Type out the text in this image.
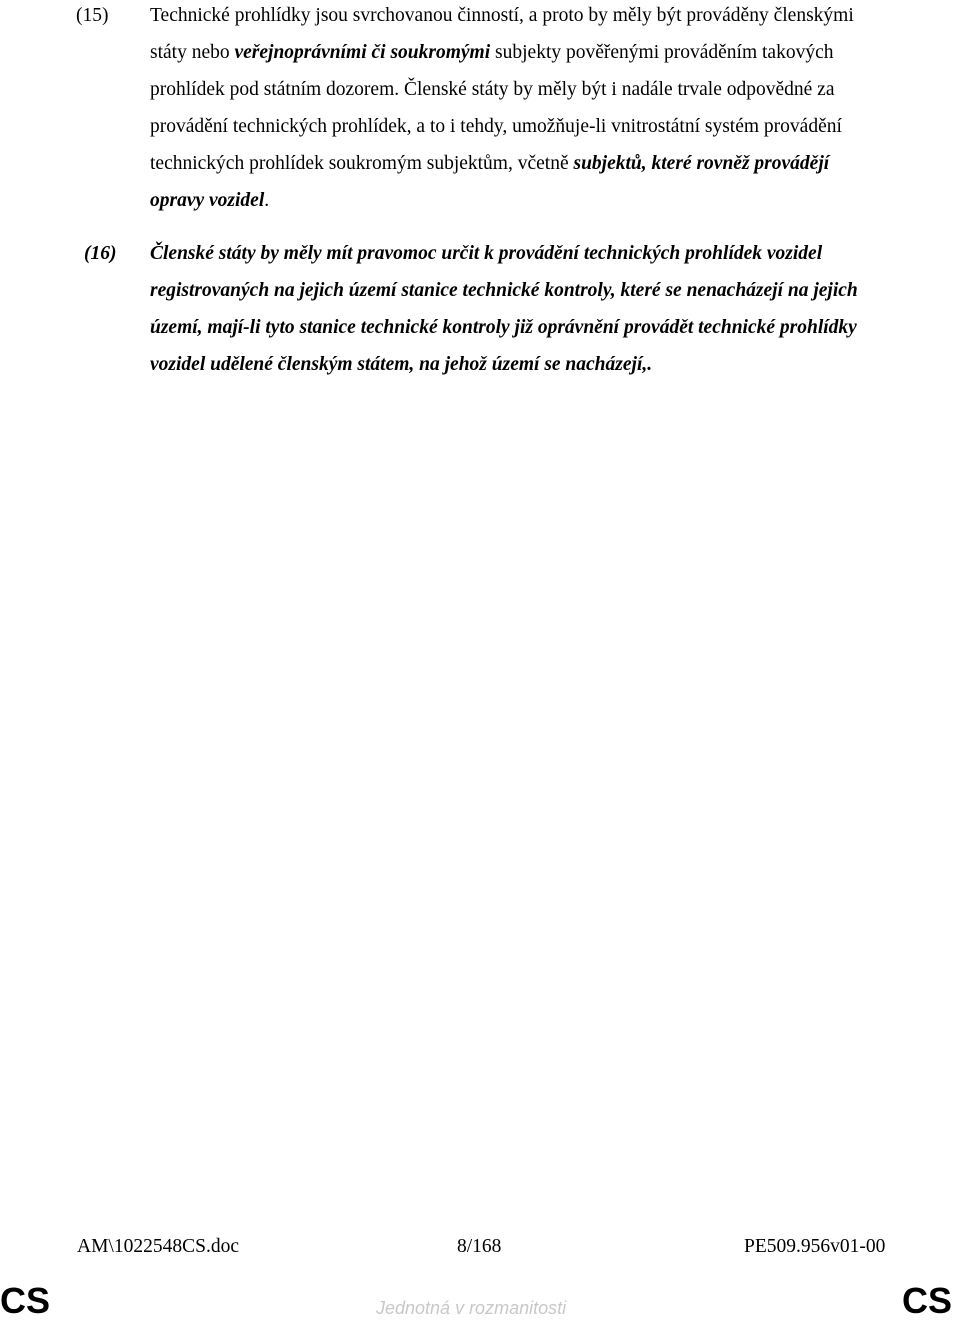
(15) Technické prohlídky jsou svrchovanou činností, a proto by měly být prováděny členskými
státy nebo veřejnoprávními či soukromými subjekty pověřenými prováděním takových
prohlídek pod státním dozorem. Členské státy by měly být i nadále trvale odpovědné za
provádění technických prohlídek, a to i tehdy, umožňuje-li vnitrostátní systém provádění
technických prohlídek soukromým subjektům, včetně subjektů, které rovněž provádějí
opravy vozidel.
(16) Členské státy by měly mít pravomoc určit k provádění technických prohlídek vozidel
registrovaných na jejich území stanice technické kontroly, které se nenacházejí na jejich
území, mají-li tyto stanice technické kontroly již oprávnění provádět technické prohlídky
vozidel udělené členským státem, na jehož území se nacházejí,.
AM\1022548CS.doc	8/168	PE509.956v01-00
CS	Jednotná v rozmanitosti	CS
